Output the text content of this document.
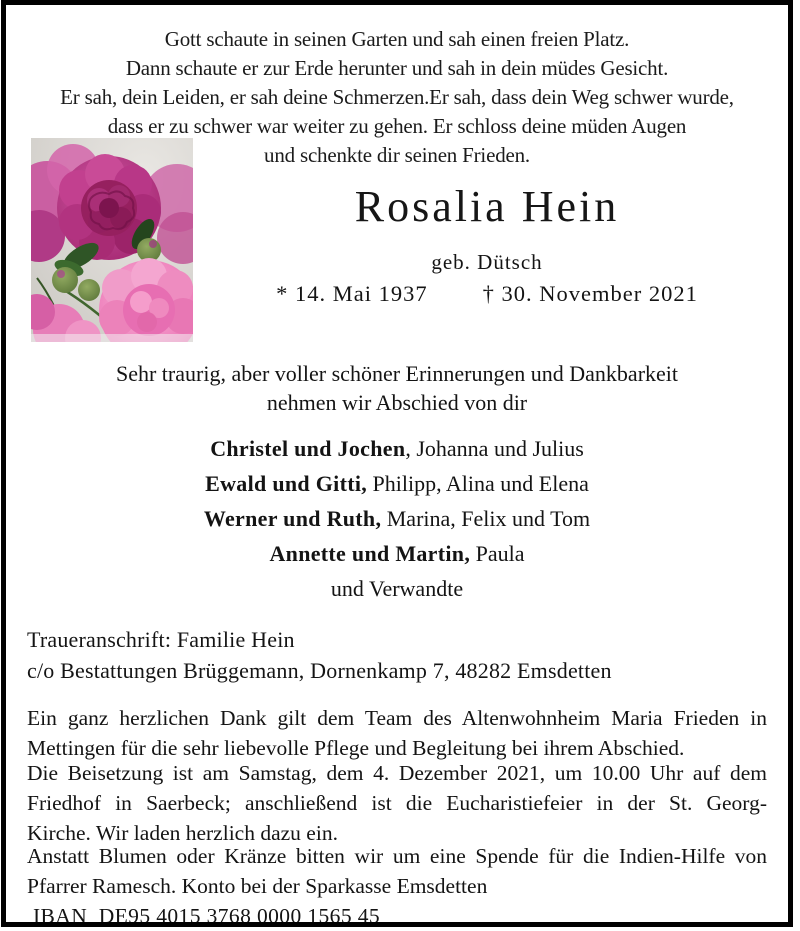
Gott schaute in seinen Garten und sah einen freien Platz.
Dann schaute er zur Erde herunter und sah in dein müdes Gesicht.
Er sah, dein Leiden, er sah deine Schmerzen.Er sah, dass dein Weg schwer wurde,
dass er zu schwer war weiter zu gehen. Er schloss deine müden Augen
und schenkte dir seinen Frieden.
Rosalia Hein
geb. Dütsch
* 14. Mai 1937 † 30. November 2021
Sehr traurig, aber voller schöner Erinnerungen und Dankbarkeit
nehmen wir Abschied von dir
Christel und Jochen, Johanna und Julius
Ewald und Gitti, Philipp, Alina und Elena
Werner und Ruth, Marina, Felix und Tom
Annette und Martin, Paula
und Verwandte
Traueranschrift: Familie Hein
c/o Bestattungen Brüggemann, Dornenkamp 7, 48282 Emsdetten
Ein ganz herzlichen Dank gilt dem Team des Altenwohnheim Maria Frieden in
Mettingen für die sehr liebevolle Pflege und Begleitung bei ihrem Abschied.
Die Beisetzung ist am Samstag, dem 4. Dezember 2021, um 10.00 Uhr auf dem
Friedhof in Saerbeck; anschließend ist die Eucharistiefeier in der St. Georg-
Kirche. Wir laden herzlich dazu ein.
Anstatt Blumen oder Kränze bitten wir um eine Spende für die Indien-Hilfe von
Pfarrer Ramesch. Konto bei der Sparkasse Emsdetten
IBAN  DE95 4015 3768 0000 1565 45
